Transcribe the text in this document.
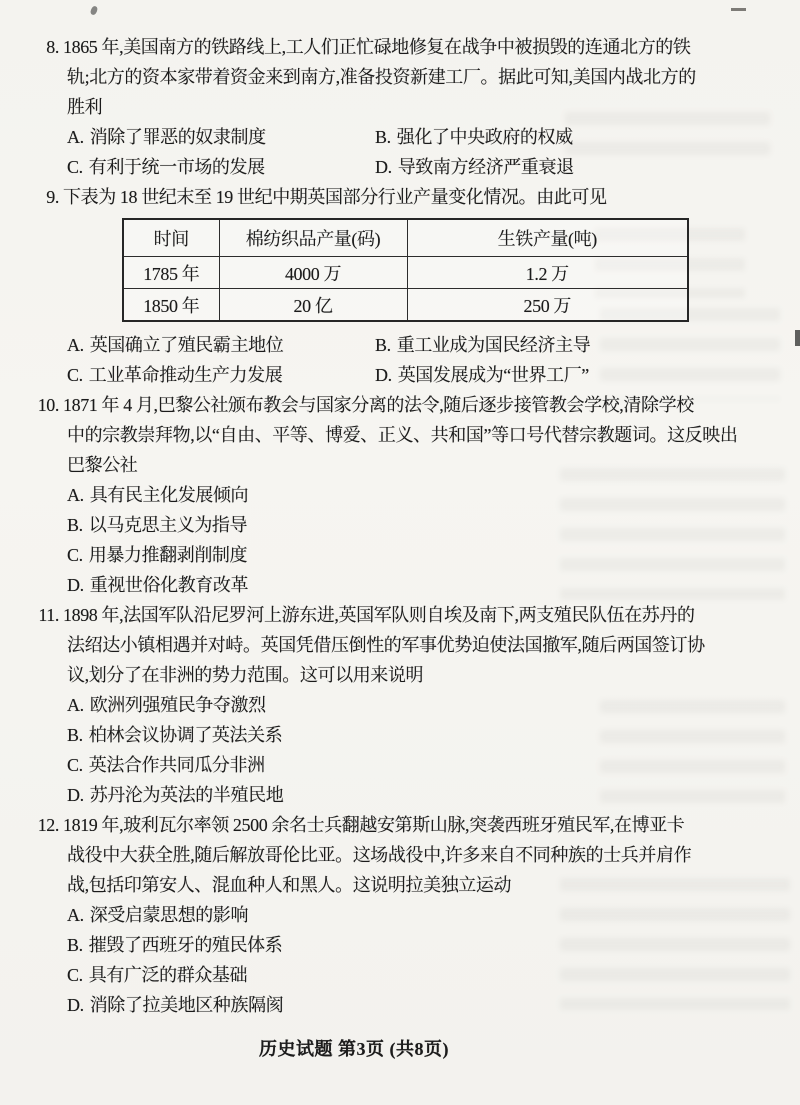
8. 1865 年,美国南方的铁路线上,工人们正忙碌地修复在战争中被损毁的连通北方的铁
轨;北方的资本家带着资金来到南方,准备投资新建工厂。据此可知,美国内战北方的
胜利
A. 消除了罪恶的奴隶制度	B. 强化了中央政府的权威
C. 有利于统一市场的发展	D. 导致南方经济严重衰退
9. 下表为 18 世纪末至 19 世纪中期英国部分行业产量变化情况。由此可见
时间	棉纺织品产量(码)	生铁产量(吨)
1785 年	4000 万	1.2 万
1850 年	20 亿	250 万
A. 英国确立了殖民霸主地位	B. 重工业成为国民经济主导
C. 工业革命推动生产力发展	D. 英国发展成为“世界工厂”
10. 1871 年 4 月,巴黎公社颁布教会与国家分离的法令,随后逐步接管教会学校,清除学校
中的宗教崇拜物,以“自由、平等、博爱、正义、共和国”等口号代替宗教题词。这反映出
巴黎公社
A. 具有民主化发展倾向
B. 以马克思主义为指导
C. 用暴力推翻剥削制度
D. 重视世俗化教育改革
11. 1898 年,法国军队沿尼罗河上游东进,英国军队则自埃及南下,两支殖民队伍在苏丹的
法绍达小镇相遇并对峙。英国凭借压倒性的军事优势迫使法国撤军,随后两国签订协
议,划分了在非洲的势力范围。这可以用来说明
A. 欧洲列强殖民争夺激烈
B. 柏林会议协调了英法关系
C. 英法合作共同瓜分非洲
D. 苏丹沦为英法的半殖民地
12. 1819 年,玻利瓦尔率领 2500 余名士兵翻越安第斯山脉,突袭西班牙殖民军,在博亚卡
战役中大获全胜,随后解放哥伦比亚。这场战役中,许多来自不同种族的士兵并肩作
战,包括印第安人、混血种人和黑人。这说明拉美独立运动
A. 深受启蒙思想的影响
B. 摧毁了西班牙的殖民体系
C. 具有广泛的群众基础
D. 消除了拉美地区种族隔阂
历史试题 第3页 (共8页)
